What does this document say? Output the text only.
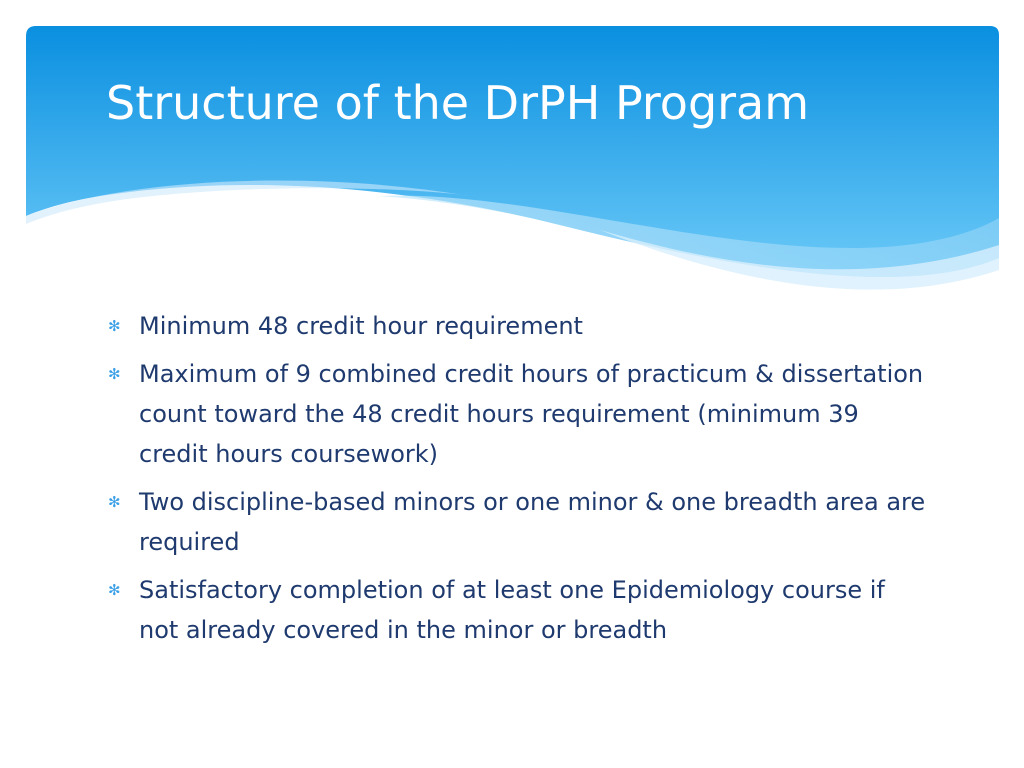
Structure of the DrPH Program
✻ Minimum 48 credit hour requirement
✻ Maximum of 9 combined credit hours of practicum & dissertation count toward the 48 credit hours requirement (minimum 39 credit hours coursework)
✻ Two discipline-based minors or one minor & one breadth area are required
✻ Satisfactory completion of at least one Epidemiology course if not already covered in the minor or breadth
